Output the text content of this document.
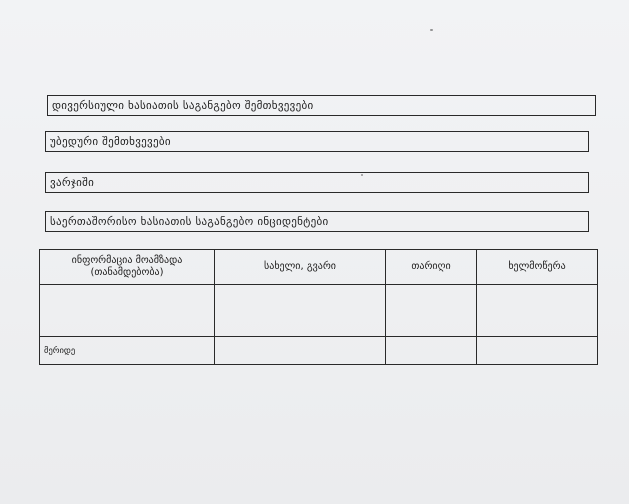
დივერსიული ხასიათის საგანგებო შემთხვევები
უბედური შემთხვევები
ვარჯიში
საერთაშორისო ხასიათის საგანგებო ინციდენტები
ინფორმაცია მოამზადა (თანამდებობა)	სახელი, გვარი	თარიღი	ხელმოწერა

მერიდე			
